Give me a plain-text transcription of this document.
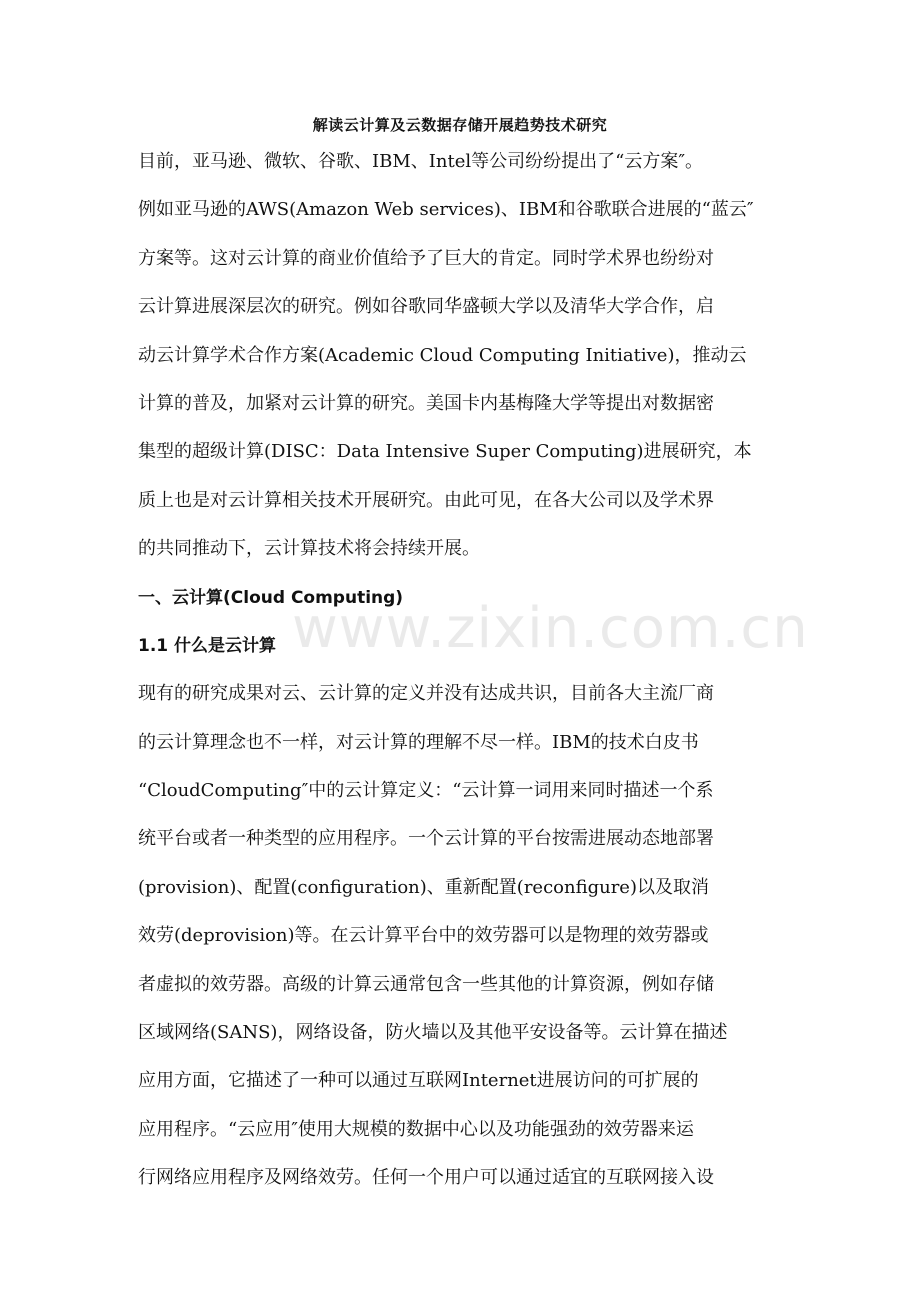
解读云计算及云数据存储开展趋势技术研究
目前，亚马逊、微软、谷歌、IBM、Intel等公司纷纷提出了“云方案″。
例如亚马逊的AWS(Amazon Web services)、IBM和谷歌联合进展的“蓝云″
方案等。这对云计算的商业价值给予了巨大的肯定。同时学术界也纷纷对
云计算进展深层次的研究。例如谷歌同华盛顿大学以及清华大学合作，启
动云计算学术合作方案(Academic Cloud Computing Initiative)，推动云
计算的普及，加紧对云计算的研究。美国卡内基梅隆大学等提出对数据密
集型的超级计算(DISC：Data Intensive Super Computing)进展研究，本
质上也是对云计算相关技术开展研究。由此可见，在各大公司以及学术界
的共同推动下，云计算技术将会持续开展。
一、云计算(Cloud Computing)
1.1 什么是云计算
现有的研究成果对云、云计算的定义并没有达成共识，目前各大主流厂商
的云计算理念也不一样，对云计算的理解不尽一样。IBM的技术白皮书
“CloudComputing″中的云计算定义：“云计算一词用来同时描述一个系
统平台或者一种类型的应用程序。一个云计算的平台按需进展动态地部署
(provision)、配置(configuration)、重新配置(reconfigure)以及取消
效劳(deprovision)等。在云计算平台中的效劳器可以是物理的效劳器或
者虚拟的效劳器。高级的计算云通常包含一些其他的计算资源，例如存储
区域网络(SANS)，网络设备，防火墙以及其他平安设备等。云计算在描述
应用方面，它描述了一种可以通过互联网Internet进展访问的可扩展的
应用程序。“云应用″使用大规模的数据中心以及功能强劲的效劳器来运
行网络应用程序及网络效劳。任何一个用户可以通过适宜的互联网接入设
www.zixin.com.cn
